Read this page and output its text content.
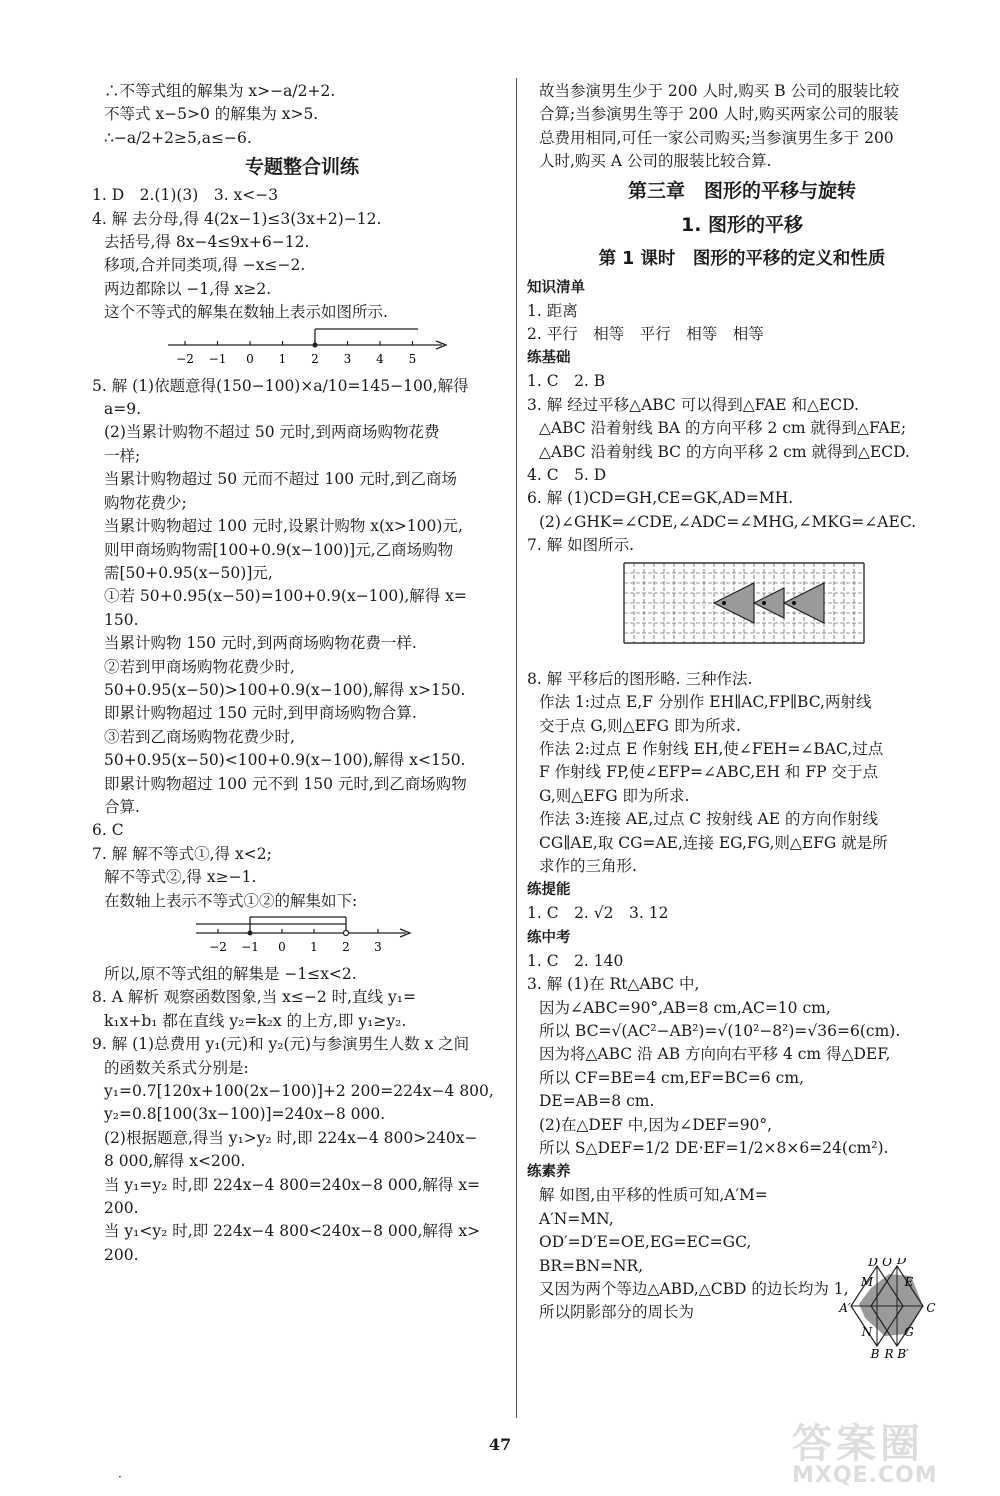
∴不等式组的解集为 x>−a/2+2.
不等式 x−5>0 的解集为 x>5.
∴−a/2+2≥5,a≤−6.
专题整合训练
1. D　2.(1)(3)　3. x<−3
4. 解 去分母,得 4(2x−1)≤3(3x+2)−12.
去括号,得 8x−4≤9x+6−12.
移项,合并同类项,得 −x≤−2.
两边都除以 −1,得 x≥2.
这个不等式的解集在数轴上表示如图所示.
−2 −1 0 1 2 3 4 5
5. 解 (1)依题意得(150−100)×a/10=145−100,解得
a=9.
(2)当累计购物不超过 50 元时,到两商场购物花费
一样;
当累计购物超过 50 元而不超过 100 元时,到乙商场
购物花费少;
当累计购物超过 100 元时,设累计购物 x(x>100)元,
则甲商场购物需[100+0.9(x−100)]元,乙商场购物
需[50+0.95(x−50)]元,
①若 50+0.95(x−50)=100+0.9(x−100),解得 x=
150.
当累计购物 150 元时,到两商场购物花费一样.
②若到甲商场购物花费少时,
50+0.95(x−50)>100+0.9(x−100),解得 x>150.
即累计购物超过 150 元时,到甲商场购物合算.
③若到乙商场购物花费少时,
50+0.95(x−50)<100+0.9(x−100),解得 x<150.
即累计购物超过 100 元不到 150 元时,到乙商场购物
合算.
6. C
7. 解 解不等式①,得 x<2;
解不等式②,得 x≥−1.
在数轴上表示不等式①②的解集如下:
−2 −1 0 1 2 3
所以,原不等式组的解集是 −1≤x<2.
8. A 解析 观察函数图象,当 x≤−2 时,直线 y₁=
k₁x+b₁ 都在直线 y₂=k₂x 的上方,即 y₁≥y₂.
9. 解 (1)总费用 y₁(元)和 y₂(元)与参演男生人数 x 之间
的函数关系式分别是:
y₁=0.7[120x+100(2x−100)]+2 200=224x−4 800,
y₂=0.8[100(3x−100)]=240x−8 000.
(2)根据题意,得当 y₁>y₂ 时,即 224x−4 800>240x−
8 000,解得 x<200.
当 y₁=y₂ 时,即 224x−4 800=240x−8 000,解得 x=
200.
当 y₁<y₂ 时,即 224x−4 800<240x−8 000,解得 x>
200.
故当参演男生少于 200 人时,购买 B 公司的服装比较
合算;当参演男生等于 200 人时,购买两家公司的服装
总费用相同,可任一家公司购买;当参演男生多于 200
人时,购买 A 公司的服装比较合算.
第三章　图形的平移与旋转
1. 图形的平移
第 1 课时　图形的平移的定义和性质
知识清单
1. 距离
2. 平行　相等　平行　相等　相等
练基础
1. C　2. B
3. 解 经过平移△ABC 可以得到△FAE 和△ECD.
△ABC 沿着射线 BA 的方向平移 2 cm 就得到△FAE;
△ABC 沿着射线 BC 的方向平移 2 cm 就得到△ECD.
4. C　5. D
6. 解 (1)CD=GH,CE=GK,AD=MH.
(2)∠GHK=∠CDE,∠ADC=∠MHG,∠MKG=∠AEC.
7. 解 如图所示.
8. 解 平移后的图形略. 三种作法.
作法 1:过点 E,F 分别作 EH∥AC,FP∥BC,两射线
交于点 G,则△EFG 即为所求.
作法 2:过点 E 作射线 EH,使∠FEH=∠BAC,过点
F 作射线 FP,使∠EFP=∠ABC,EH 和 FP 交于点
G,则△EFG 即为所求.
作法 3:连接 AE,过点 C 按射线 AE 的方向作射线
CG∥AE,取 CG=AE,连接 EG,FG,则△EFG 就是所
求作的三角形.
练提能
1. C　2. √2　3. 12
练中考
1. C　2. 140
3. 解 (1)在 Rt△ABC 中,
因为∠ABC=90°,AB=8 cm,AC=10 cm,
所以 BC=√(AC²−AB²)=√(10²−8²)=√36=6(cm).
因为将△ABC 沿 AB 方向向右平移 4 cm 得△DEF,
所以 CF=BE=4 cm,EF=BC=6 cm,
DE=AB=8 cm.
(2)在△DEF 中,因为∠DEF=90°,
所以 S△DEF=1/2 DE·EF=1/2×8×6=24(cm²).
练素养
解 如图,由平移的性质可知,A′M=
A′N=MN,
OD′=D′E=OE,EG=EC=GC,
BR=BN=NR,
又因为两个等边△ABD,△CBD 的边长均为 1,
所以阴影部分的周长为
D O D′
M	E
A′	C
N	G
B R B′
47	答案圈
MXQE.COM
·
